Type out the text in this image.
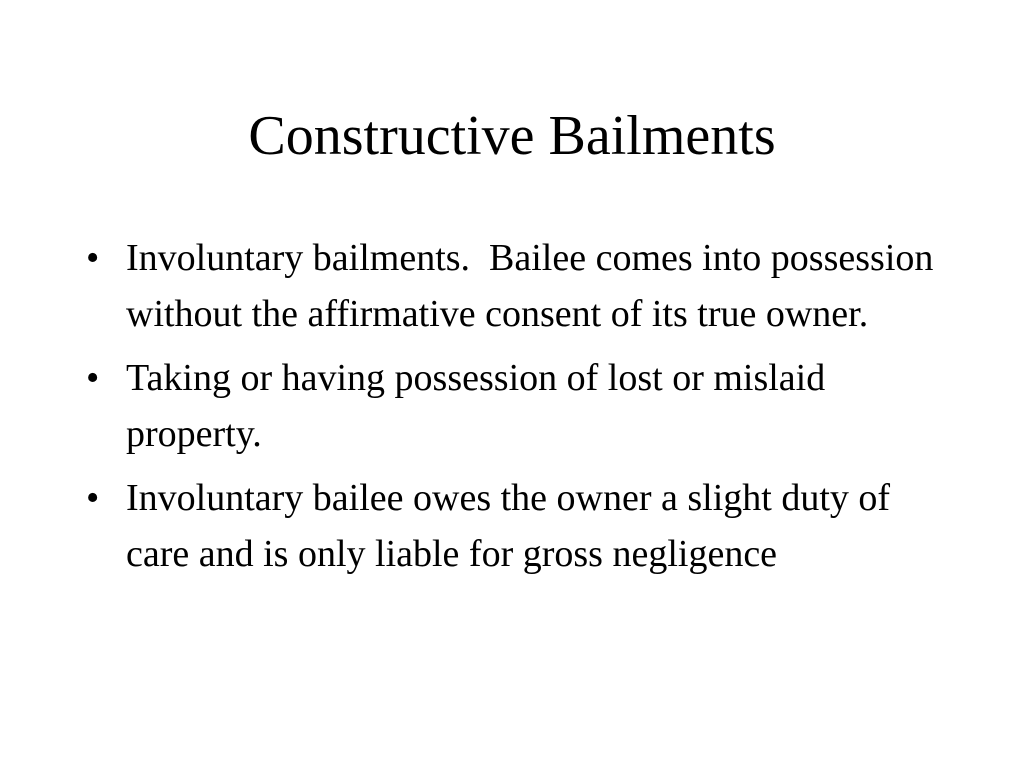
Constructive Bailments
• Involuntary bailments.  Bailee comes into possession without the affirmative consent of its true owner.
• Taking or having possession of lost or mislaid property.
• Involuntary bailee owes the owner a slight duty of care and is only liable for gross negligence
